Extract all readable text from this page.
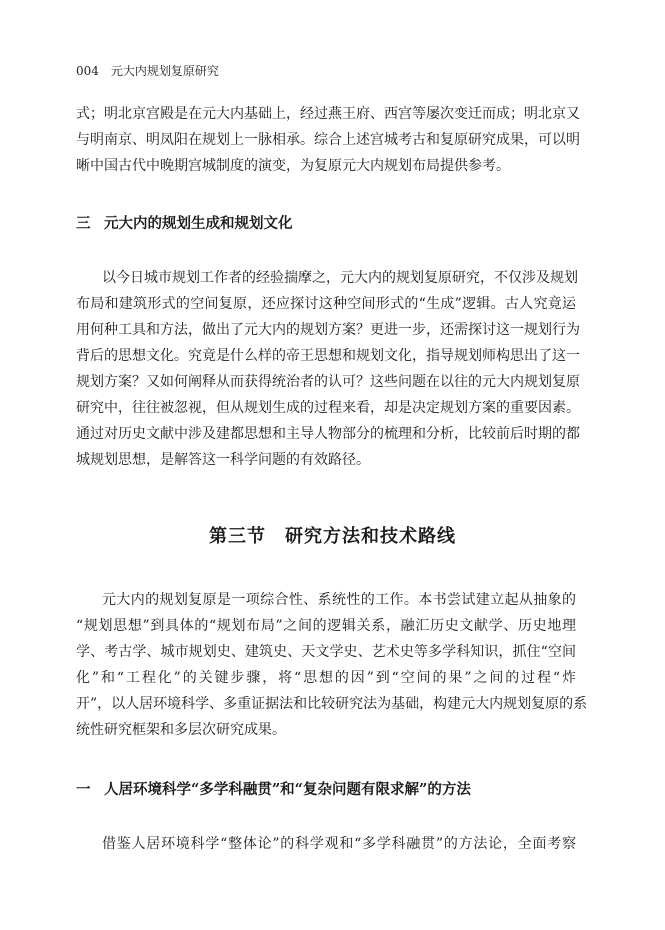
004 元大内规划复原研究
式；明北京宫殿是在元大内基础上，经过燕王府、西宫等屡次变迁而成；明北京又
与明南京、明凤阳在规划上一脉相承。综合上述宫城考古和复原研究成果，可以明
晰中国古代中晚期宫城制度的演变，为复原元大内规划布局提供参考。
三 元大内的规划生成和规划文化
以今日城市规划工作者的经验揣摩之，元大内的规划复原研究，不仅涉及规划
布局和建筑形式的空间复原，还应探讨这种空间形式的“生成”逻辑。古人究竟运
用何种工具和方法，做出了元大内的规划方案？更进一步，还需探讨这一规划行为
背后的思想文化。究竟是什么样的帝王思想和规划文化，指导规划师构思出了这一
规划方案？又如何阐释从而获得统治者的认可？这些问题在以往的元大内规划复原
研究中，往往被忽视，但从规划生成的过程来看，却是决定规划方案的重要因素。
通过对历史文献中涉及建都思想和主导人物部分的梳理和分析，比较前后时期的都
城规划思想，是解答这一科学问题的有效路径。
第三节　研究方法和技术路线
元大内的规划复原是一项综合性、系统性的工作。本书尝试建立起从抽象的
“规划思想”到具体的“规划布局”之间的逻辑关系，融汇历史文献学、历史地理
学、考古学、城市规划史、建筑史、天文学史、艺术史等多学科知识，抓住“空间
化”和“工程化”的关键步骤，将“思想的因”到“空间的果”之间的过程“炸
开”，以人居环境科学、多重证据法和比较研究法为基础，构建元大内规划复原的系
统性研究框架和多层次研究成果。
一 人居环境科学“多学科融贯”和“复杂问题有限求解”的方法
借鉴人居环境科学“整体论”的科学观和“多学科融贯”的方法论，全面考察
